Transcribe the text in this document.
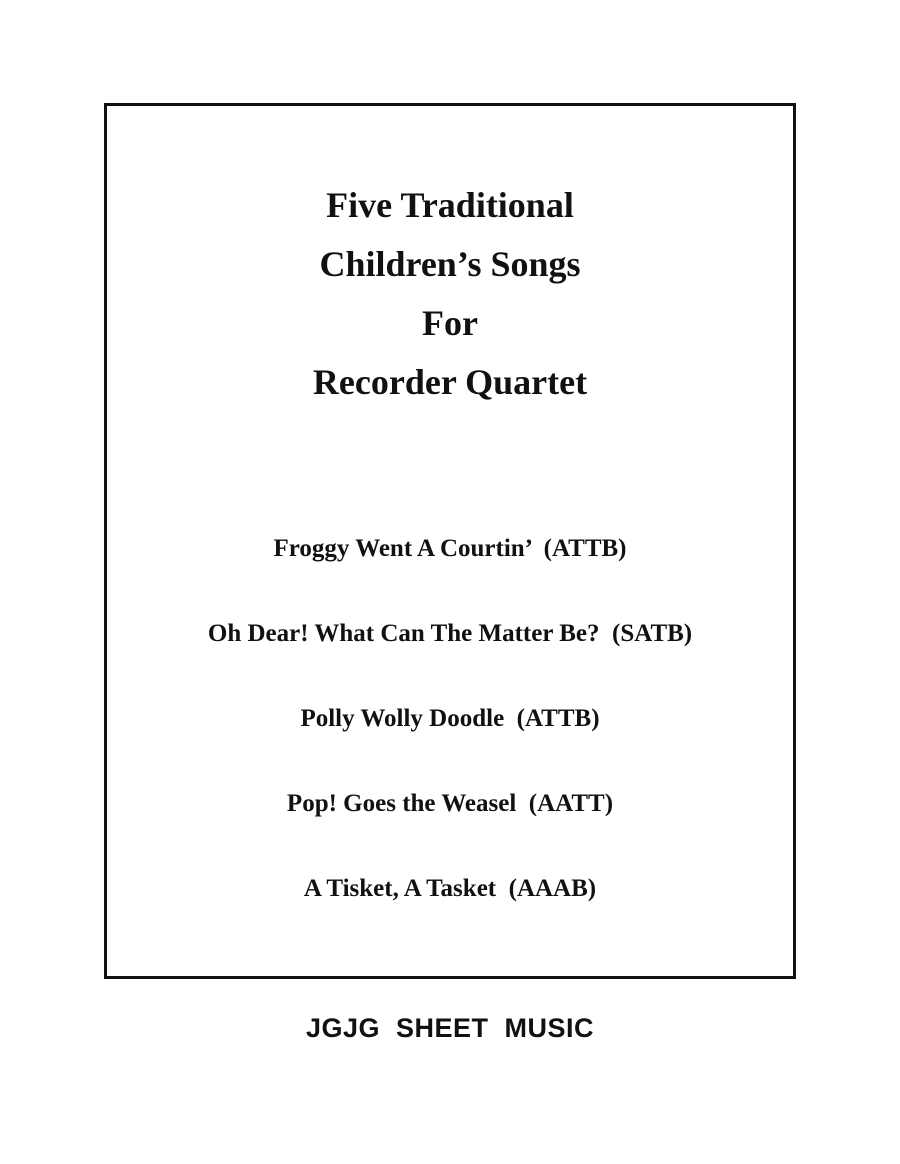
Five Traditional

Children’s Songs

For

Recorder Quartet

Froggy Went A Courtin’  (ATTB)
Oh Dear! What Can The Matter Be?  (SATB)
Polly Wolly Doodle  (ATTB)
Pop! Goes the Weasel  (AATT)
A Tisket, A Tasket  (AAAB)
JGJG  SHEET  MUSIC
